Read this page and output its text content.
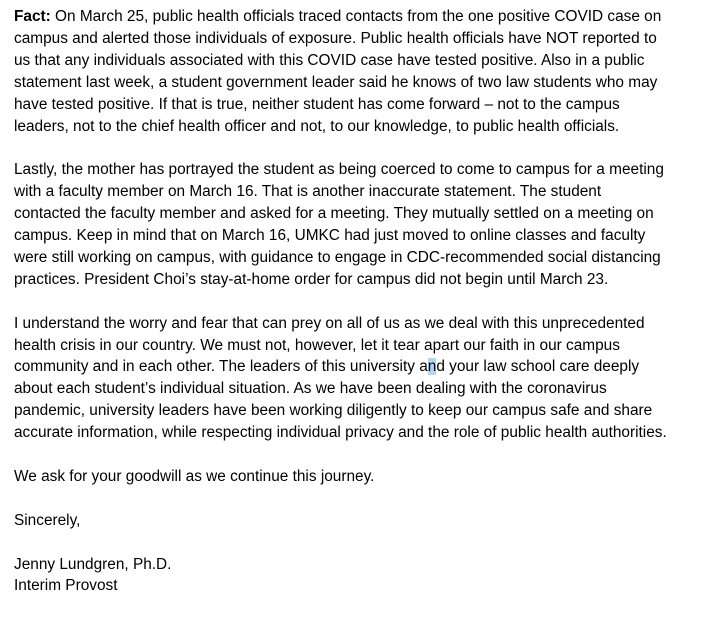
Fact: On March 25, public health officials traced contacts from the one positive COVID case on
campus and alerted those individuals of exposure. Public health officials have NOT reported to
us that any individuals associated with this COVID case have tested positive. Also in a public
statement last week, a student government leader said he knows of two law students who may
have tested positive. If that is true, neither student has come forward – not to the campus
leaders, not to the chief health officer and not, to our knowledge, to public health officials.

Lastly, the mother has portrayed the student as being coerced to come to campus for a meeting
with a faculty member on March 16. That is another inaccurate statement. The student
contacted the faculty member and asked for a meeting. They mutually settled on a meeting on
campus. Keep in mind that on March 16, UMKC had just moved to online classes and faculty
were still working on campus, with guidance to engage in CDC-recommended social distancing
practices. President Choi’s stay-at-home order for campus did not begin until March 23.

I understand the worry and fear that can prey on all of us as we deal with this unprecedented
health crisis in our country. We must not, however, let it tear apart our faith in our campus
community and in each other. The leaders of this university and your law school care deeply
about each student’s individual situation. As we have been dealing with the coronavirus
pandemic, university leaders have been working diligently to keep our campus safe and share
accurate information, while respecting individual privacy and the role of public health authorities.

We ask for your goodwill as we continue this journey.

Sincerely,

Jenny Lundgren, Ph.D.
Interim Provost
